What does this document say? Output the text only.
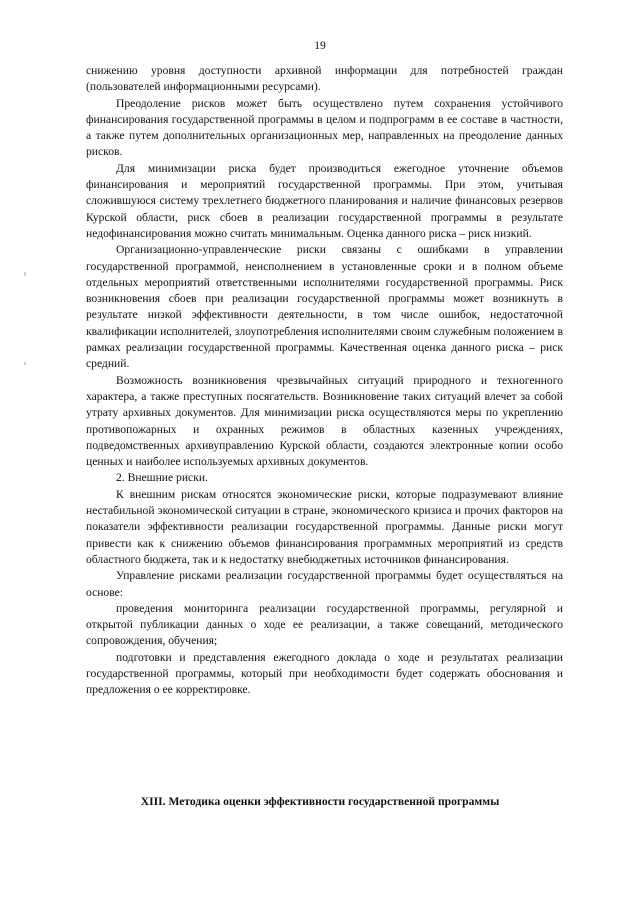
19

снижению уровня доступности архивной информации для потребностей граждан (пользователей информационными ресурсами).

Преодоление рисков может быть осуществлено путем сохранения устойчивого финансирования государственной программы в целом и подпрограмм в ее составе в частности, а также путем дополнительных организационных мер, направленных на преодоление данных рисков.

Для минимизации риска будет производиться ежегодное уточнение объемов финансирования и мероприятий государственной программы. При этом, учитывая сложившуюся систему трехлетнего бюджетного планирования и наличие финансовых резервов Курской области, риск сбоев в реализации государственной программы в результате недофинансирования можно считать минимальным. Оценка данного риска – риск низкий.

Организационно-управленческие риски связаны с ошибками в управлении государственной программой, неисполнением в установленные сроки и в полном объеме отдельных мероприятий ответственными исполнителями государственной программы. Риск возникновения сбоев при реализации государственной программы может возникнуть в результате низкой эффективности деятельности, в том числе ошибок, недостаточной квалификации исполнителей, злоупотребления исполнителями своим служебным положением в рамках реализации государственной программы. Качественная оценка данного риска – риск средний.

Возможность возникновения чрезвычайных ситуаций природного и техногенного характера, а также преступных посягательств. Возникновение таких ситуаций влечет за собой утрату архивных документов. Для минимизации риска осуществляются меры по укреплению противопожарных и охранных режимов в областных казенных учреждениях, подведомственных архивуправлению Курской области, создаются электронные копии особо ценных и наиболее используемых архивных документов.

2. Внешние риски.

К внешним рискам относятся экономические риски, которые подразумевают влияние нестабильной экономической ситуации в стране, экономического кризиса и прочих факторов на показатели эффективности реализации государственной программы. Данные риски могут привести как к снижению объемов финансирования программных мероприятий из средств областного бюджета, так и к недостатку внебюджетных источников финансирования.

Управление рисками реализации государственной программы будет осуществляться на основе:

проведения мониторинга реализации государственной программы, регулярной и открытой публикации данных о ходе ее реализации, а также совещаний, методического сопровождения, обучения;

подготовки и представления ежегодного доклада о ходе и результатах реализации государственной программы, который при необходимости будет содержать обоснования и предложения о ее корректировке.

XIII. Методика оценки эффективности государственной программы
